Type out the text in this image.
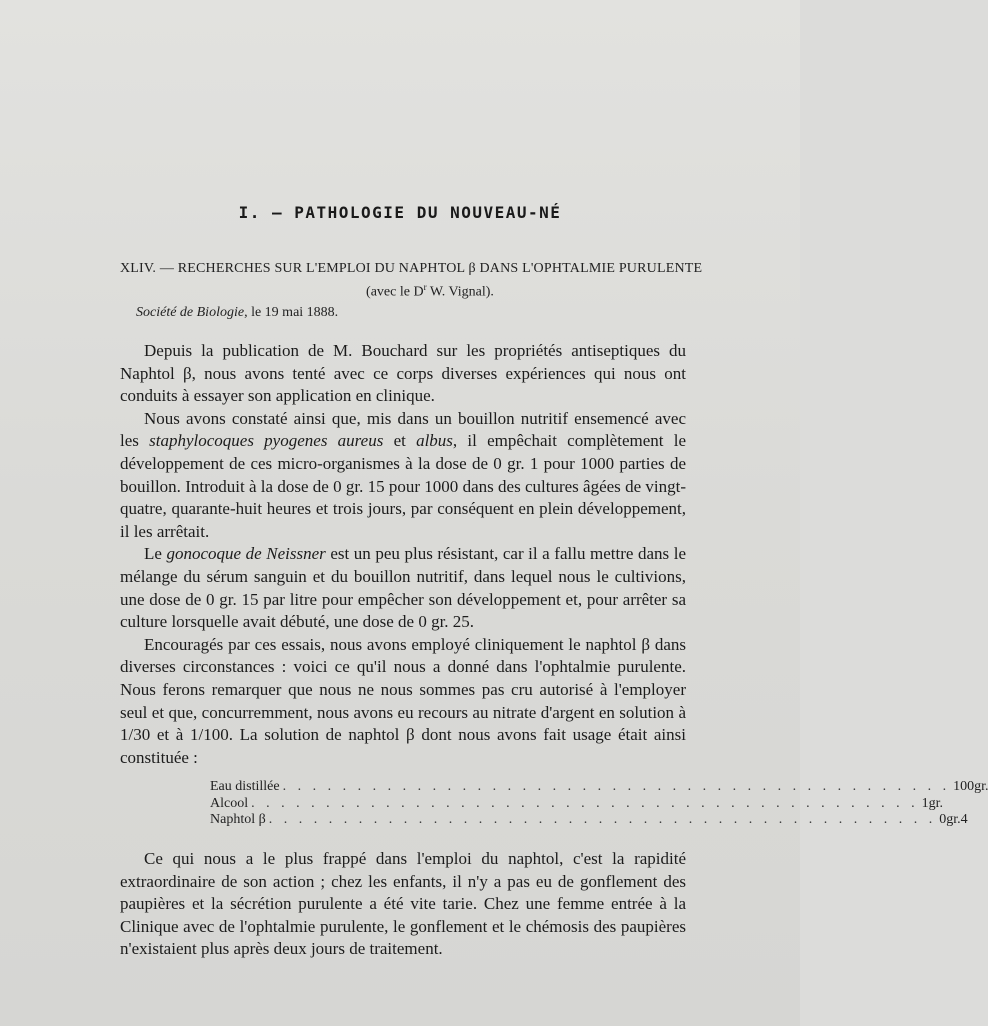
I. — PATHOLOGIE DU NOUVEAU-NÉ
XLIV. — RECHERCHES SUR L'EMPLOI DU NAPHTOL β DANS L'OPHTALMIE PURULENTE
(avec le $D^r$ W. Vignal).
Société de Biologie, le 19 mai 1888.

Depuis la publication de M. Bouchard sur les propriétés antiseptiques du Naphtol β, nous avons tenté avec ce corps diverses expériences qui nous ont conduits à essayer son application en clinique.

Nous avons constaté ainsi que, mis dans un bouillon nutritif ensemencé avec les staphylocoques pyogenes aureus et albus, il empêchait complètement le développement de ces micro-organismes à la dose de 0 gr. 1 pour 1000 parties de bouillon. Introduit à la dose de 0 gr. 15 pour 1000 dans des cultures âgées de vingt-quatre, quarante-huit heures et trois jours, par conséquent en plein développement, il les arrêtait.

Le gonocoque de Neissner est un peu plus résistant, car il a fallu mettre dans le mélange du sérum sanguin et du bouillon nutritif, dans lequel nous le cultivions, une dose de 0 gr. 15 par litre pour empêcher son développement et, pour arrêter sa culture lorsquelle avait débuté, une dose de 0 gr. 25.

Encouragés par ces essais, nous avons employé cliniquement le naphtol β dans diverses circonstances : voici ce qu'il nous a donné dans l'ophtalmie purulente. Nous ferons remarquer que nous ne nous sommes pas cru autorisé à l'employer seul et que, concurremment, nous avons eu recours au nitrate d'argent en solution à 1/30 et à 1/100. La solution de naphtol β dont nous avons fait usage était ainsi constituée :

Eau distillée . . . . . . . . . . . . . . . . . . . . . . . . . . . . . . . . . . . . . . . . . . . . . 100gr.
Alcool . . . . . . . . . . . . . . . . . . . . . . . . . . . . . . . . . . . . . . . . . . . . . 1gr.
Naphtol β . . . . . . . . . . . . . . . . . . . . . . . . . . . . . . . . . . . . . . . . . . . . . 0gr.4

Ce qui nous a le plus frappé dans l'emploi du naphtol, c'est la rapidité extraordinaire de son action ; chez les enfants, il n'y a pas eu de gonflement des paupières et la sécrétion purulente a été vite tarie. Chez une femme entrée à la Clinique avec de l'ophtalmie purulente, le gonflement et le chémosis des paupières n'existaient plus après deux jours de traitement.
